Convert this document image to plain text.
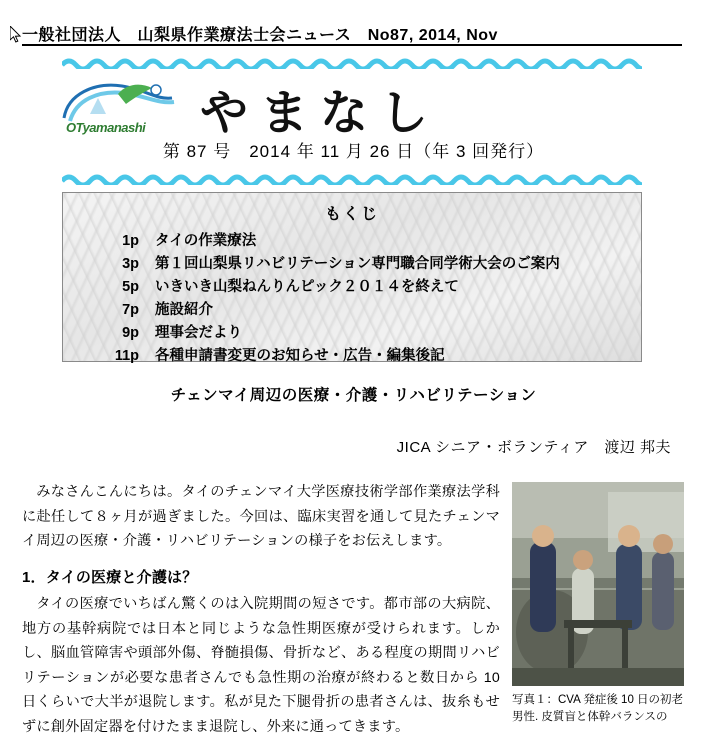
一般社団法人　山梨県作業療法士会ニュース　No87, 2014, Nov
OTyamanashi やまなし
第 87 号　2014 年 11 月 26 日（年 3 回発行）
もくじ
1p	タイの作業療法
3p	第１回山梨県リハビリテーション専門職合同学術大会のご案内
5p	いきいき山梨ねんりんピック２０１４を終えて
7p	施設紹介
9p	理事会だより
11p	各種申請書変更のお知らせ・広告・編集後記
チェンマイ周辺の医療・介護・リハビリテーション
JICA シニア・ボランティア　渡辺 邦夫

みなさんこんにちは。タイのチェンマイ大学医療技術学部作業療法学科に赴任して８ヶ月が過ぎました。今回は、臨床実習を通して見たチェンマイ周辺の医療・介護・リハビリテーションの様子をお伝えします。

1．タイの医療と介護は？

タイの医療でいちばん驚くのは入院期間の短さです。都市部の大病院、地方の基幹病院では日本と同じような急性期医療が受けられます。しかし、脳血管障害や頭部外傷、脊髄損傷、骨折など、ある程度の期間リハビリテーションが必要な患者さんでも急性期の治療が終わると数日から 10 日くらいで大半が退院します。私が見た下腿骨折の患者さんは、抜糸もせずに創外固定器を付けたまま退院し、外来に通ってきます。

写真１：CVA 発症後 10 日の初老男性. 皮質盲と体幹バランスの
